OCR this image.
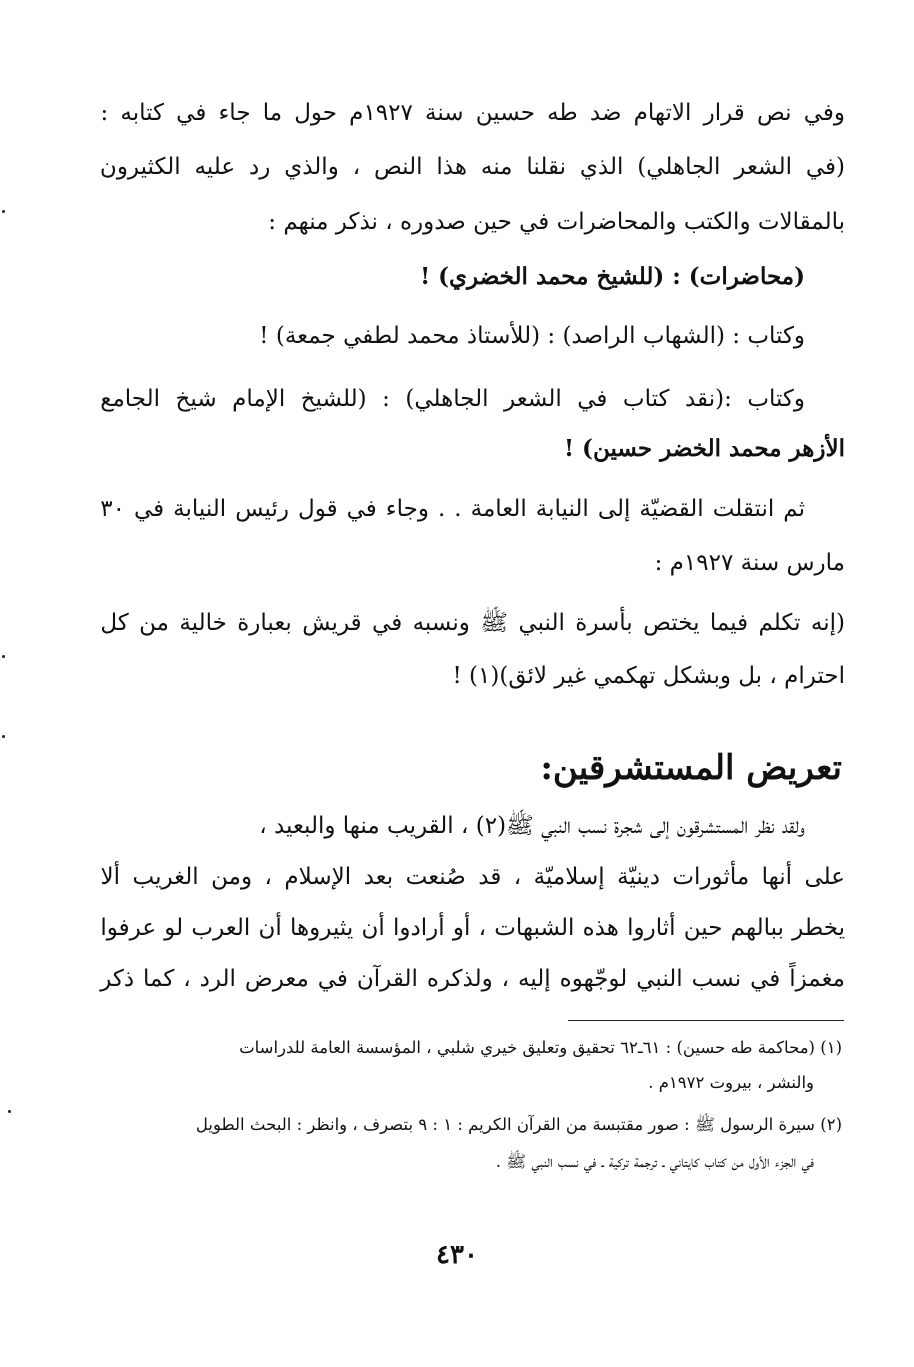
وفي نص قرار الاتهام ضد طه حسين سنة ١٩٢٧م حول ما جاء في كتابه :
(في الشعر الجاهلي) الذي نقلنا منه هذا النص ، والذي رد عليه الكثيرون
بالمقالات والكتب والمحاضرات في حين صدوره ، نذكر منهم :
(محاضرات) : (للشيخ محمد الخضري) !
وكتاب : (الشهاب الراصد) : (للأستاذ محمد لطفي جمعة) !
وكتاب :(نقد كتاب في الشعر الجاهلي) : (للشيخ الإمام شيخ الجامع
الأزهر محمد الخضر حسين) !
ثم انتقلت القضيّة إلى النيابة العامة . . وجاء في قول رئيس النيابة في ٣٠
مارس سنة ١٩٢٧م :
(إنه تكلم فيما يختص بأسرة النبي ﷺ ونسبه في قريش بعبارة خالية من كل
احترام ، بل وبشكل تهكمي غير لائق)(١) !
تعريض المستشرقين:
ولقد نظر المستشرقون إلى شجرة نسب النبي ﷺ(٢) ، القريب منها والبعيد ،
على أنها مأثورات دينيّة إسلاميّة ، قد صُنعت بعد الإسلام ، ومن الغريب ألا
يخطر ببالهم حين أثاروا هذه الشبهات ، أو أرادوا أن يثيروها أن العرب لو عرفوا
مغمزاً في نسب النبي لوجّهوه إليه ، ولذكره القرآن في معرض الرد ، كما ذكر
(١) (محاكمة طه حسين) : ٦١ـ٦٢ تحقيق وتعليق خيري شلبي ، المؤسسة العامة للدراسات
والنشر ، بيروت ١٩٧٢م .
(٢) سيرة الرسول ﷺ : صور مقتبسة من القرآن الكريم : ١ : ٩ بتصرف ، وانظر : البحث الطويل
في الجزء الأول من كتاب كايتاني ـ ترجمة تركية ـ في نسب النبي ﷺ .
٤٣٠
